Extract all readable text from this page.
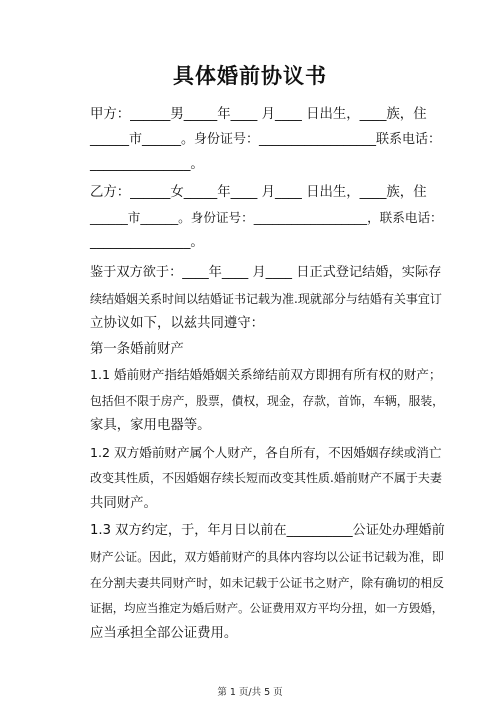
具体婚前协议书
甲方：______男_____年____ 月____ 日出生，____族，住
______市______。身份证号：__________________联系电话：
_______________。
乙方：______女_____年____ 月____ 日出生，____族，住
______市______。身份证号：__________________，联系电话：
_______________。
鉴于双方欲于：____年____ 月____ 日正式登记结婚，实际存
续结婚姻关系时间以结婚证书记载为准.现就部分与结婚有关事宜订
立协议如下，以兹共同遵守：
第一条婚前财产
1.1 婚前财产指结婚婚姻关系缔结前双方即拥有所有权的财产；
包括但不限于房产，股票，債权，现金，存款，首饰，车辆，服装，
家具，家用电器等。
1.2 双方婚前财产属个人财产，各自所有，不因婚姻存续或消亡
改变其性质，不因婚姻存续长短而改变其性质.婚前财产不属于夫妻
共同财产。
1.3 双方约定，于，年月日以前在__________公证处办理婚前
财产公证。因此，双方婚前财产的具体内容均以公证书记载为准，即
在分割夫妻共同财产时，如未记载于公证书之财产，除有确切的相反
证据，均应当推定为婚后财产。公证费用双方平均分扭，如一方毁婚，
应当承担全部公证费用。
第 1 页/共 5 页
